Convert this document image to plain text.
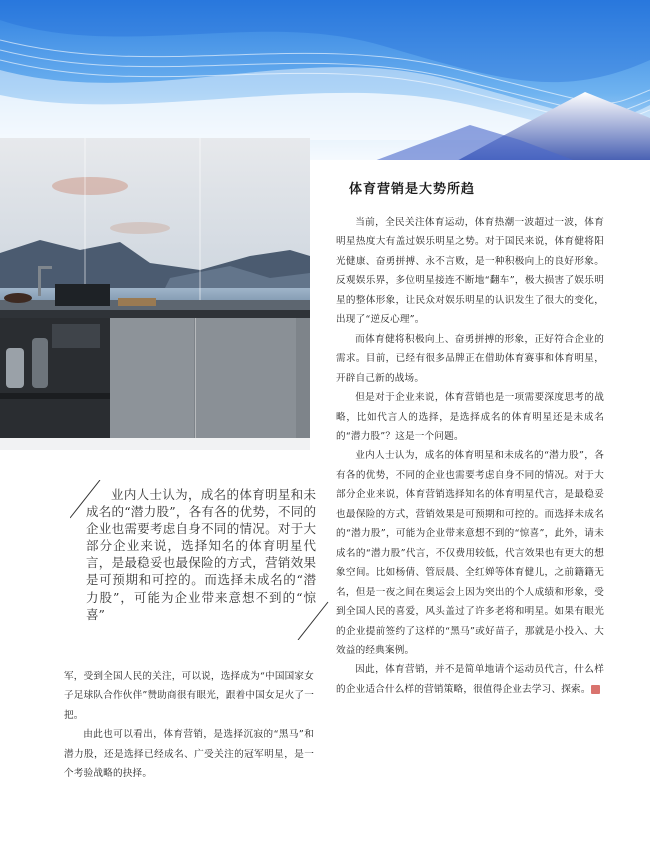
体育营销是大势所趋

当前，全民关注体育运动，体育热潮一波超过一波，体育明星热度大有盖过娱乐明星之势。对于国民来说，体育健将阳光健康、奋勇拼搏、永不言败，是一种积极向上的良好形象。反观娱乐界，多位明星接连不断地“翻车”，极大损害了娱乐明星的整体形象，让民众对娱乐明星的认识发生了很大的变化，出现了“逆反心理”。

而体育健将积极向上、奋勇拼搏的形象，正好符合企业的需求。目前，已经有很多品牌正在借助体育赛事和体育明星，开辟自己新的战场。

但是对于企业来说，体育营销也是一项需要深度思考的战略，比如代言人的选择，是选择成名的体育明星还是未成名的“潜力股”？这是一个问题。

业内人士认为，成名的体育明星和未成名的“潜力股”，各有各的优势，不同的企业也需要考虑自身不同的情况。对于大部分企业来说，体育营销选择知名的体育明星代言，是最稳妥也最保险的方式，营销效果是可预期和可控的。而选择未成名的“潜力股”，可能为企业带来意想不到的“惊喜”，此外，请未成名的“潜力股”代言，不仅费用较低，代言效果也有更大的想象空间。比如杨倩、管辰晨、全红婵等体育健儿，之前籍籍无名，但是一夜之间在奥运会上因为突出的个人成绩和形象，受到全国人民的喜爱，风头盖过了许多老将和明星。如果有眼光的企业提前签约了这样的“黑马”或好苗子，那就是小投入、大效益的经典案例。

因此，体育营销，并不是简单地请个运动员代言，什么样的企业适合什么样的营销策略，很值得企业去学习、探索。	图

业内人士认为，成名的体育明星和未成名的“潜力股”，各有各的优势，不同的企业也需要考虑自身不同的情况。对于大部分企业来说，选择知名的体育明星代言，是最稳妥也最保险的方式，营销效果是可预期和可控的。而选择未成名的“潜力股”，可能为企业带来意想不到的“惊喜”

军，受到全国人民的关注，可以说，选择成为“中国国家女子足球队合作伙伴”赞助商很有眼光，跟着中国女足火了一把。

由此也可以看出，体育营销，是选择沉寂的“黑马”和潜力股，还是选择已经成名、广受关注的冠军明星，是一个考验战略的抉择。
